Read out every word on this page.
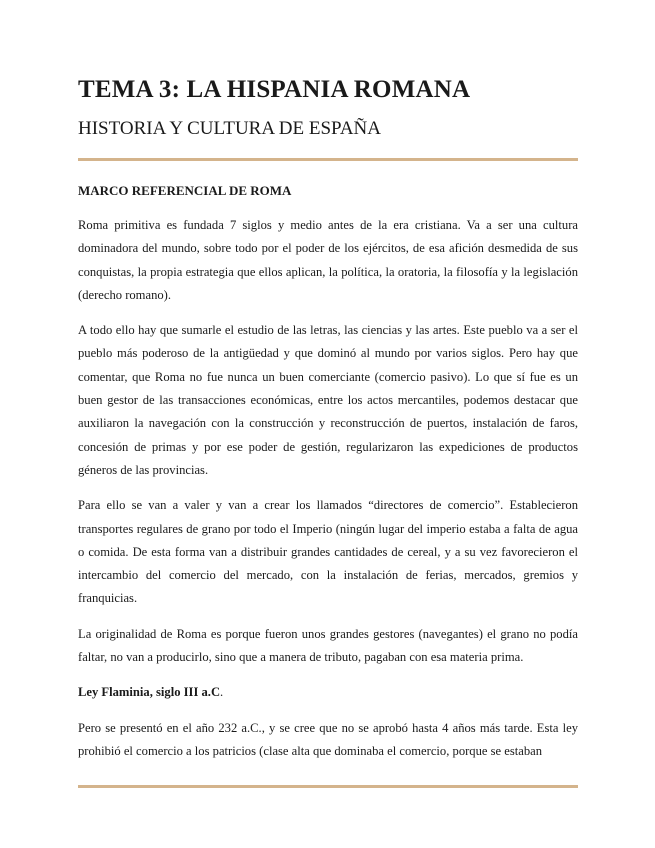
TEMA 3: LA HISPANIA ROMANA
HISTORIA Y CULTURA DE ESPAÑA
MARCO REFERENCIAL DE ROMA

Roma primitiva es fundada 7 siglos y medio antes de la era cristiana. Va a ser una cultura dominadora del mundo, sobre todo por el poder de los ejércitos, de esa afición desmedida de sus conquistas, la propia estrategia que ellos aplican, la política, la oratoria, la filosofía y la legislación (derecho romano).

A todo ello hay que sumarle el estudio de las letras, las ciencias y las artes. Este pueblo va a ser el pueblo más poderoso de la antigüedad y que dominó al mundo por varios siglos. Pero hay que comentar, que Roma no fue nunca un buen comerciante (comercio pasivo). Lo que sí fue es un buen gestor de las transacciones económicas, entre los actos mercantiles, podemos destacar que auxiliaron la navegación con la construcción y reconstrucción de puertos, instalación de faros, concesión de primas y por ese poder de gestión, regularizaron las expediciones de productos géneros de las provincias.

Para ello se van a valer y van a crear los llamados “directores de comercio”. Establecieron transportes regulares de grano por todo el Imperio (ningún lugar del imperio estaba a falta de agua o comida. De esta forma van a distribuir grandes cantidades de cereal, y a su vez favorecieron el intercambio del comercio del mercado, con la instalación de ferias, mercados, gremios y franquicias.

La originalidad de Roma es porque fueron unos grandes gestores (navegantes) el grano no podía faltar, no van a producirlo, sino que a manera de tributo, pagaban con esa materia prima.

Ley Flaminia, siglo III a.C.

Pero se presentó en el año 232 a.C., y se cree que no se aprobó hasta 4 años más tarde. Esta ley prohibió el comercio a los patricios (clase alta que dominaba el comercio, porque se estaban
